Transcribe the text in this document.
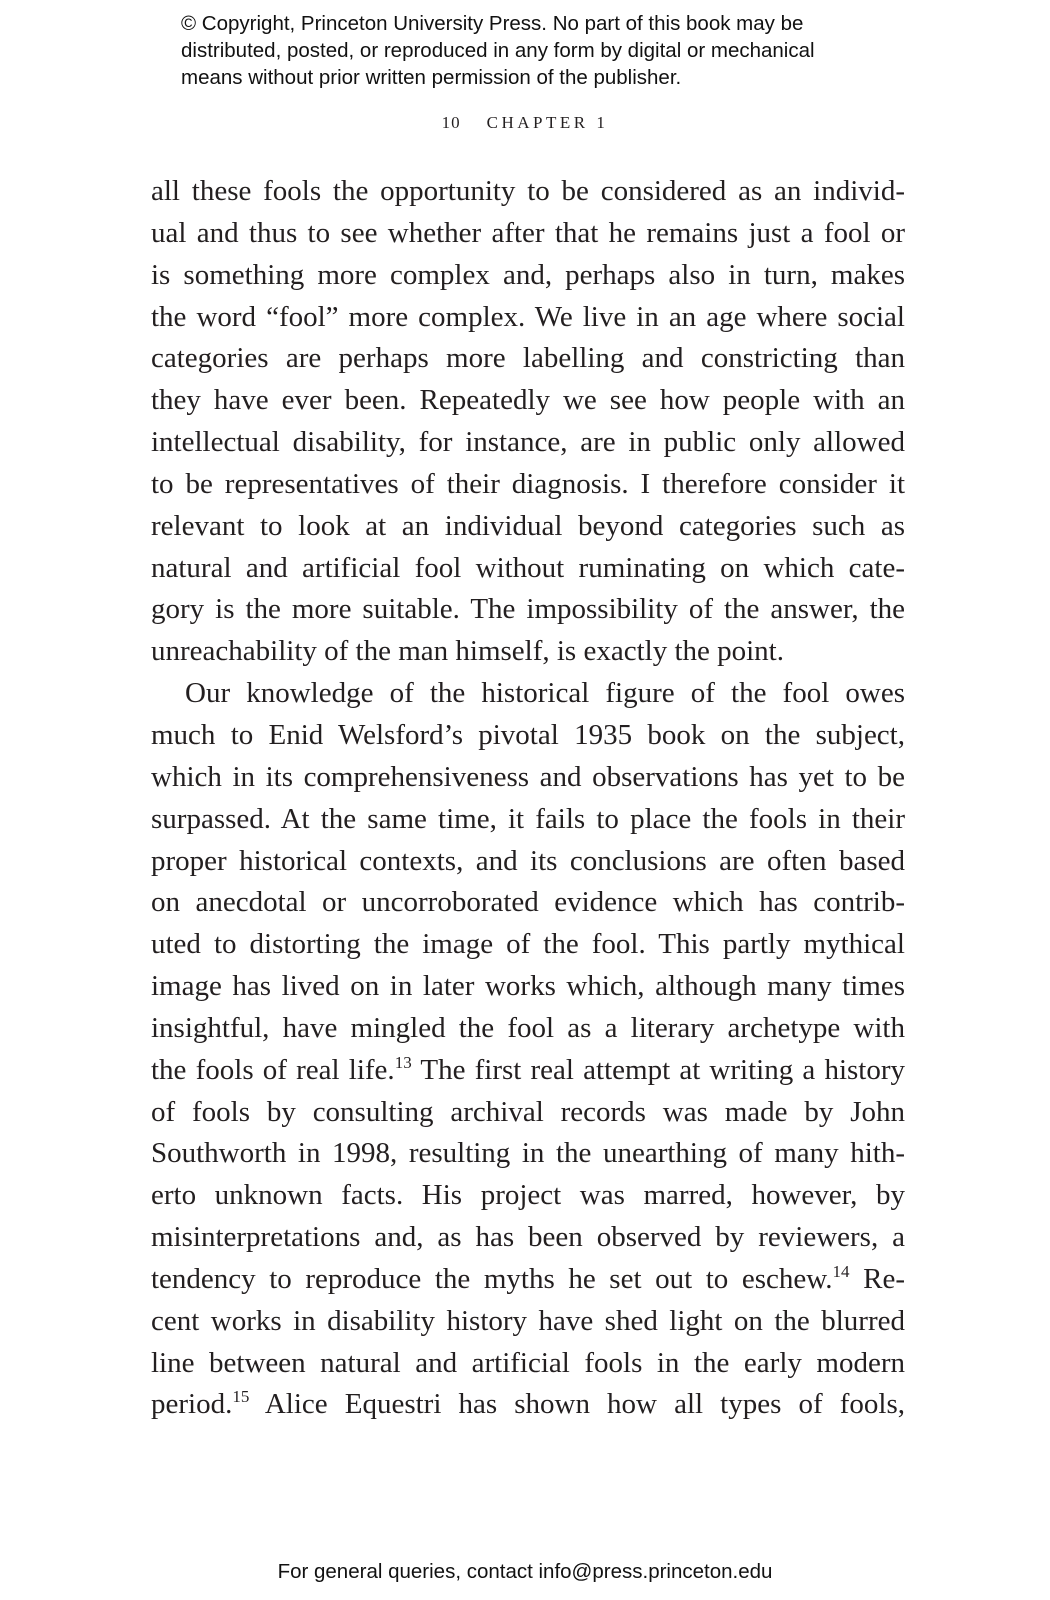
© Copyright, Princeton University Press. No part of this book may be
distributed, posted, or reproduced in any form by digital or mechanical
means without prior written permission of the publisher.
10 CHAPTER 1
all these fools the opportunity to be considered as an individ-
ual and thus to see whether after that he remains just a fool or
is something more complex and, perhaps also in turn, makes
the word “fool” more complex. We live in an age where social
categories are perhaps more labelling and constricting than
they have ever been. Repeatedly we see how people with an
intellectual disability, for instance, are in public only allowed
to be representatives of their diagnosis. I therefore consider it
relevant to look at an individual beyond categories such as
natural and artificial fool without ruminating on which cate-
gory is the more suitable. The impossibility of the answer, the
unreachability of the man himself, is exactly the point.
Our knowledge of the historical figure of the fool owes
much to Enid Welsford’s pivotal 1935 book on the subject,
which in its comprehensiveness and observations has yet to be
surpassed. At the same time, it fails to place the fools in their
proper historical contexts, and its conclusions are often based
on anecdotal or uncorroborated evidence which has contrib-
uted to distorting the image of the fool. This partly mythical
image has lived on in later works which, although many times
insightful, have mingled the fool as a literary archetype with
the fools of real life.$^{13}$ The first real attempt at writing a history
of fools by consulting archival records was made by John
Southworth in 1998, resulting in the unearthing of many hith-
erto unknown facts. His project was marred, however, by
misinterpretations and, as has been observed by reviewers, a
tendency to reproduce the myths he set out to eschew.$^{14}$ Re-
cent works in disability history have shed light on the blurred
line between natural and artificial fools in the early modern
period.$^{15}$ Alice Equestri has shown how all types of fools,
For general queries, contact info@press.princeton.edu
